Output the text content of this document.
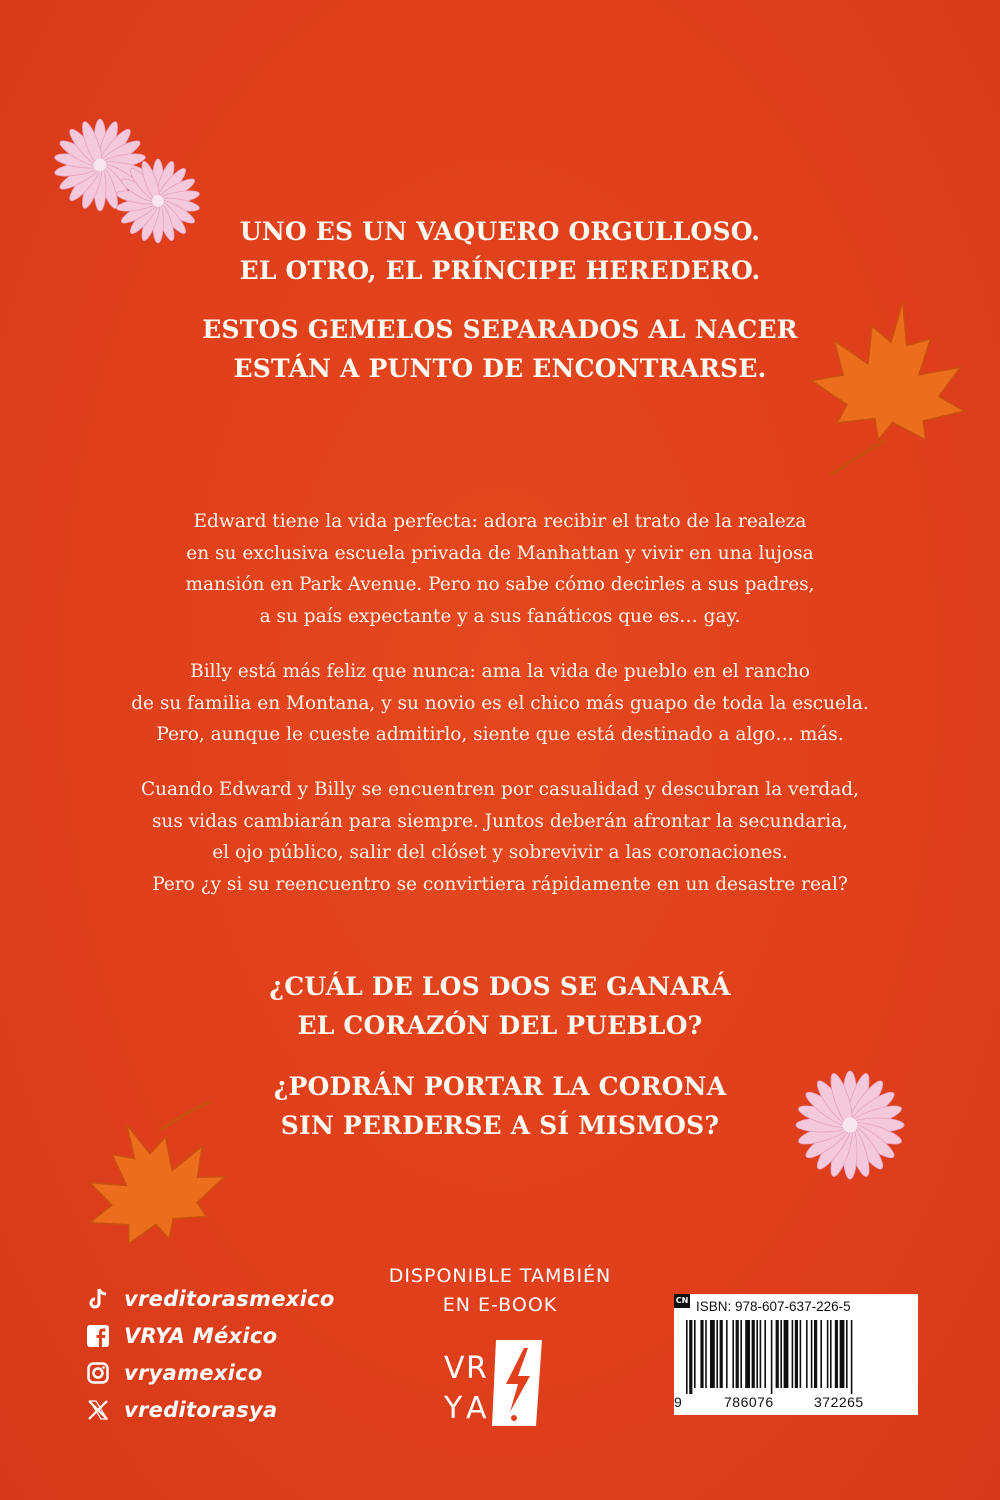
UNO ES UN VAQUERO ORGULLOSO.
EL OTRO, EL PRÍNCIPE HEREDERO.
ESTOS GEMELOS SEPARADOS AL NACER
ESTÁN A PUNTO DE ENCONTRARSE.
Edward tiene la vida perfecta: adora recibir el trato de la realeza
en su exclusiva escuela privada de Manhattan y vivir en una lujosa
mansión en Park Avenue. Pero no sabe cómo decirles a sus padres,
a su país expectante y a sus fanáticos que es… gay.
Billy está más feliz que nunca: ama la vida de pueblo en el rancho
de su familia en Montana, y su novio es el chico más guapo de toda la escuela.
Pero, aunque le cueste admitirlo, siente que está destinado a algo… más.
Cuando Edward y Billy se encuentren por casualidad y descubran la verdad,
sus vidas cambiarán para siempre. Juntos deberán afrontar la secundaria,
el ojo público, salir del clóset y sobrevivir a las coronaciones.
Pero ¿y si su reencuentro se convirtiera rápidamente en un desastre real?
¿CUÁL DE LOS DOS SE GANARÁ
EL CORAZÓN DEL PUEBLO?
¿PODRÁN PORTAR LA CORONA
SIN PERDERSE A SÍ MISMOS?
DISPONIBLE TAMBIÉN
EN E-BOOK
vreditorasmexico
VRYA México
vryamexico
vreditorasya
V R
Y A
CN ISBN: 978-607-637-226-5
9	786076	372265
